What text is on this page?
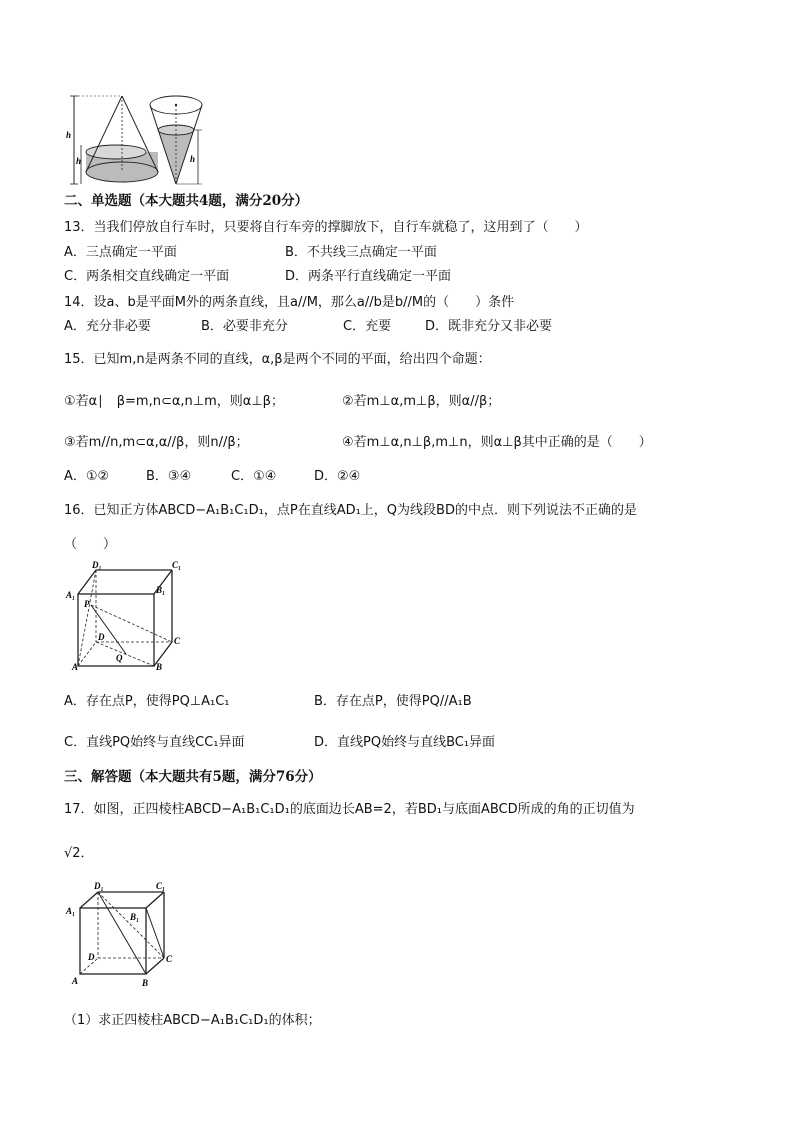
h
h	h
二、单选题（本大题共4题，满分20分）
13．当我们停放自行车时，只要将自行车旁的撑脚放下，自行车就稳了，这用到了（　　）
A．三点确定一平面	B．不共线三点确定一平面
C．两条相交直线确定一平面	D．两条平行直线确定一平面
14．设a、b是平面M外的两条直线，且a//M，那么a//b是b//M的（　　）条件
A．充分非必要	B．必要非充分	C．充要	D．既非充分又非必要
15．已知m,n是两条不同的直线，α,β是两个不同的平面，给出四个命题：
①若α∣　β=m,n⊂α,n⊥m，则α⊥β；	②若m⊥α,m⊥β，则α//β；
③若m//n,m⊂α,α//β，则n//β；	④若m⊥α,n⊥β,m⊥n，则α⊥β其中正确的是（　　）
A．①②	B．③④	C．①④	D．②④
16．已知正方体ABCD−A₁B₁C₁D₁，点P在直线AD₁上，Q为线段BD的中点．则下列说法不正确的是
（　　）
D₁	C₁
A₁	B₁
P
D	C
Q
A	B
A．存在点P，使得PQ⊥A₁C₁	B．存在点P，使得PQ//A₁B
C．直线PQ始终与直线CC₁异面	D．直线PQ始终与直线BC₁异面
三、解答题（本大题共有5题，满分76分）
17．如图，正四棱柱ABCD−A₁B₁C₁D₁的底面边长AB=2，若BD₁与底面ABCD所成的角的正切值为
√2．
D₁	C₁
A₁
B₁
D	C
A	B
（1）求正四棱柱ABCD−A₁B₁C₁D₁的体积；
